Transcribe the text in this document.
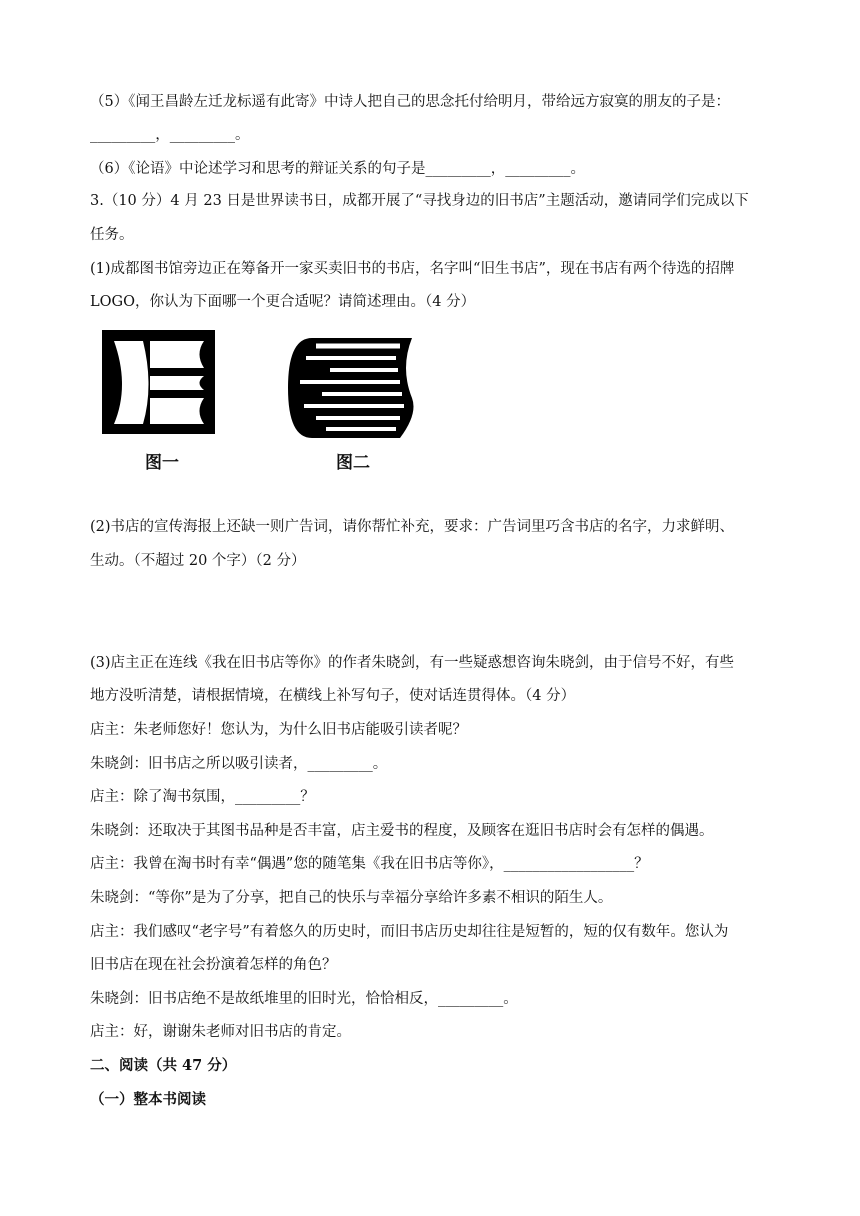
（5）《闻王昌龄左迁龙标遥有此寄》中诗人把自己的思念托付给明月，带给远方寂寞的朋友的子是：
_________，_________。
（6）《论语》中论述学习和思考的辩证关系的句子是_________，_________。
3.（10 分）4 月 23 日是世界读书日，成都开展了“寻找身边的旧书店”主题活动，邀请同学们完成以下
任务。
(1)成都图书馆旁边正在筹备开一家买卖旧书的书店，名字叫“旧生书店”，现在书店有两个待选的招牌
LOGO，你认为下面哪一个更合适呢？请简述理由。（4 分）
图一	图二
(2)书店的宣传海报上还缺一则广告词，请你帮忙补充，要求：广告词里巧含书店的名字，力求鲜明、
生动。（不超过 20 个字）（2 分）
(3)店主正在连线《我在旧书店等你》的作者朱晓剑，有一些疑惑想咨询朱晓剑，由于信号不好，有些
地方没听清楚，请根据情境，在横线上补写句子，使对话连贯得体。（4 分）
店主：朱老师您好！您认为，为什么旧书店能吸引读者呢？
朱晓剑：旧书店之所以吸引读者，_________。
店主：除了淘书氛围，_________？
朱晓剑：还取决于其图书品种是否丰富，店主爱书的程度，及顾客在逛旧书店时会有怎样的偶遇。
店主：我曾在淘书时有幸“偶遇”您的随笔集《我在旧书店等你》，__________________？
朱晓剑：“等你”是为了分享，把自己的快乐与幸福分享给许多素不相识的陌生人。
店主：我们感叹“老字号”有着悠久的历史时，而旧书店历史却往往是短暂的，短的仅有数年。您认为
旧书店在现在社会扮演着怎样的角色？
朱晓剑：旧书店绝不是故纸堆里的旧时光，恰恰相反，_________。
店主：好，谢谢朱老师对旧书店的肯定。
二、阅读（共 47 分）
（一）整本书阅读
